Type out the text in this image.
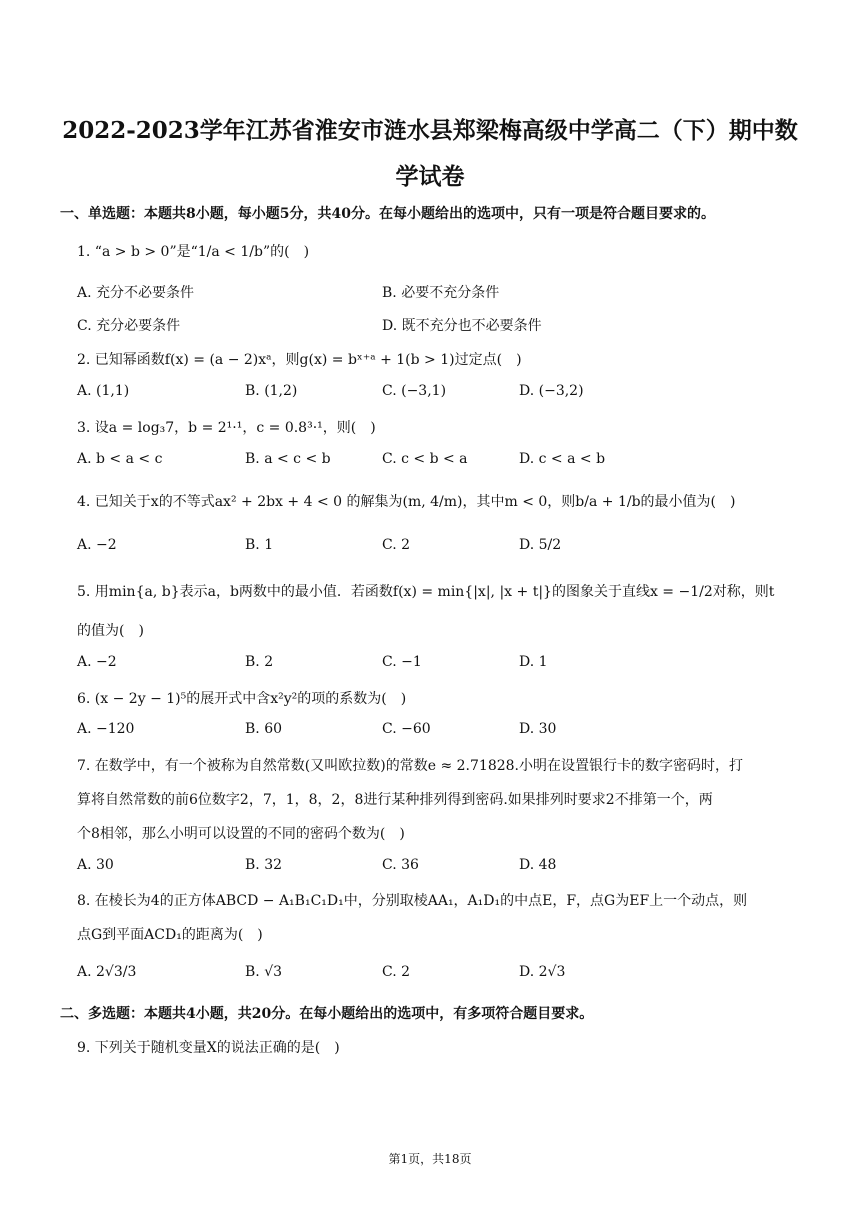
2022-2023学年江苏省淮安市涟水县郑梁梅高级中学高二（下）期中数
学试卷
一、单选题：本题共8小题，每小题5分，共40分。在每小题给出的选项中，只有一项是符合题目要求的。
1. “a > b > 0”是“1/a < 1/b”的(　)
A. 充分不必要条件	B. 必要不充分条件
C. 充分必要条件	D. 既不充分也不必要条件
2. 已知幂函数f(x) = (a − 2)xᵃ，则g(x) = bˣ⁺ᵃ + 1(b > 1)过定点(　)
A. (1,1)	B. (1,2)	C. (−3,1)	D. (−3,2)
3. 设a = log₃7，b = 2¹·¹，c = 0.8³·¹，则(　)
A. b < a < c	B. a < c < b	C. c < b < a	D. c < a < b
4. 已知关于x的不等式ax² + 2bx + 4 < 0 的解集为(m, 4/m)，其中m < 0，则b/a + 1/b的最小值为(　)
A. −2	B. 1	C. 2	D. 5/2
5. 用min{a, b}表示a，b两数中的最小值．若函数f(x) = min{|x|, |x + t|}的图象关于直线x = −1/2对称，则t
的值为(　)
A. −2	B. 2	C. −1	D. 1
6. (x − 2y − 1)⁵的展开式中含x²y²的项的系数为(　)
A. −120	B. 60	C. −60	D. 30
7. 在数学中，有一个被称为自然常数(又叫欧拉数)的常数e ≈ 2.71828.小明在设置银行卡的数字密码时，打
算将自然常数的前6位数字2，7，1，8，2，8进行某种排列得到密码.如果排列时要求2不排第一个，两
个8相邻，那么小明可以设置的不同的密码个数为(　)
A. 30	B. 32	C. 36	D. 48
8. 在棱长为4的正方体ABCD − A₁B₁C₁D₁中，分别取棱AA₁，A₁D₁的中点E，F，点G为EF上一个动点，则
点G到平面ACD₁的距离为(　)
A. 2√3/3	B. √3	C. 2	D. 2√3
二、多选题：本题共4小题，共20分。在每小题给出的选项中，有多项符合题目要求。
9. 下列关于随机变量X的说法正确的是(　)
第1页，共18页
